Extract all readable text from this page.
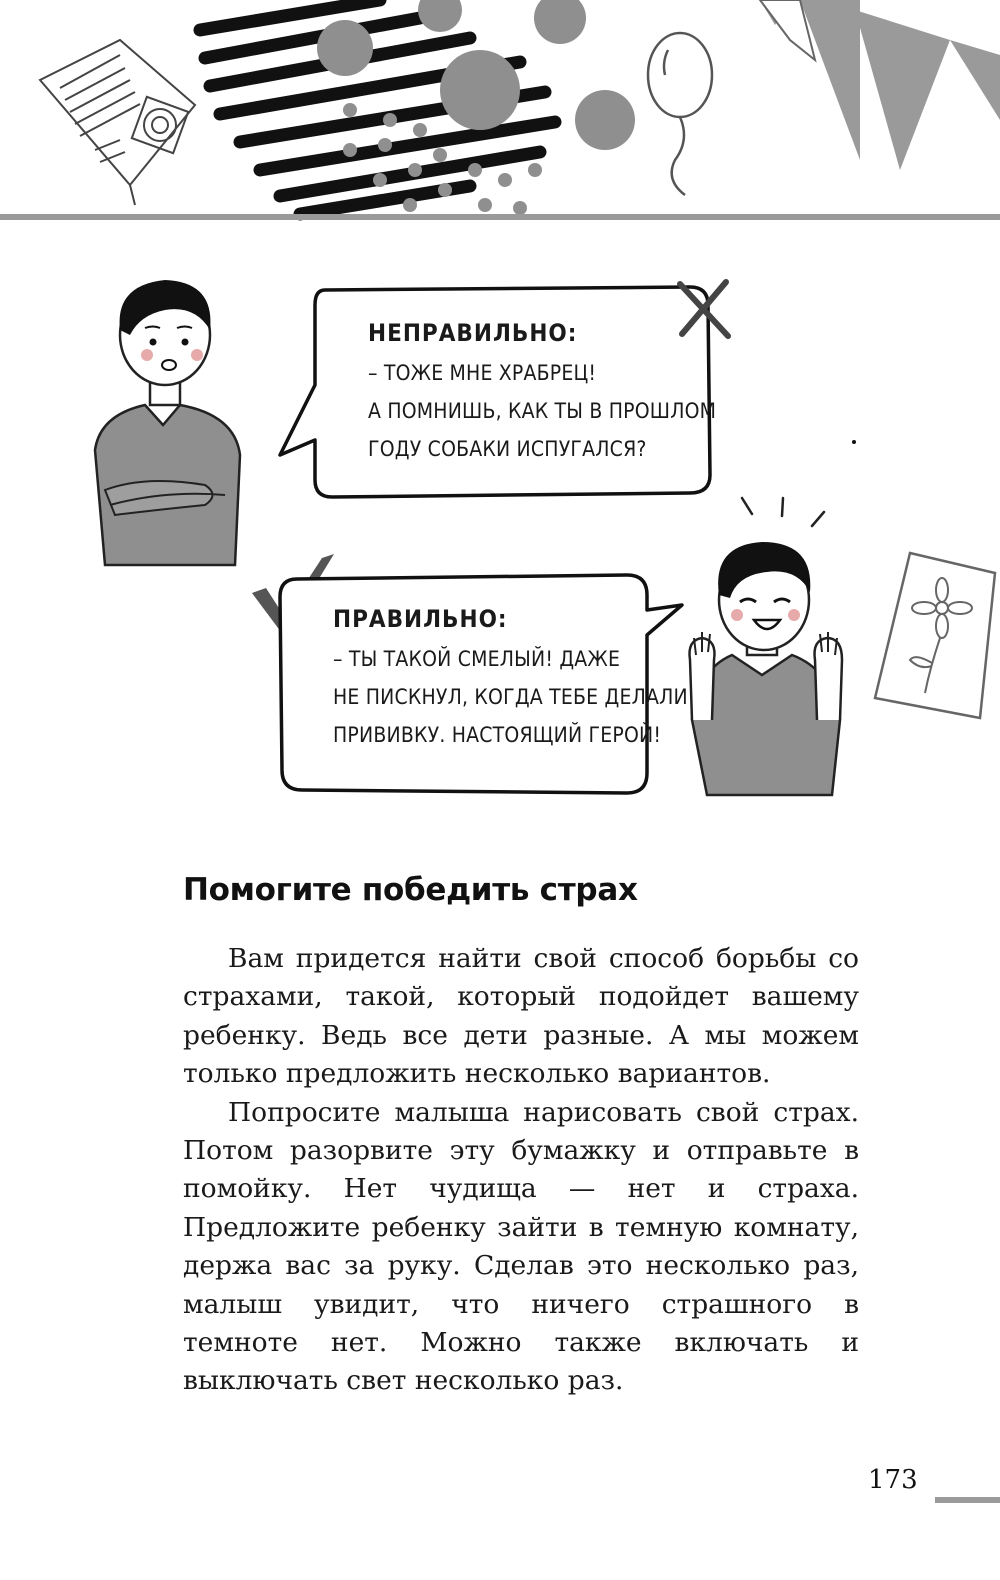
НЕПРАВИЛЬНО:
– ТОЖЕ МНЕ ХРАБРЕЦ!
А ПОМНИШЬ, КАК ТЫ В ПРОШЛОМ
ГОДУ СОБАКИ ИСПУГАЛСЯ?
ПРАВИЛЬНО:
– ТЫ ТАКОЙ СМЕЛЫЙ! ДАЖЕ
НЕ ПИСКНУЛ, КОГДА ТЕБЕ ДЕЛАЛИ
ПРИВИВКУ. НАСТОЯЩИЙ ГЕРОЙ!
Помогите победить страх

Вам придется найти свой способ борьбы со страхами, такой, который подойдет вашему ребенку. Ведь все дети разные. А мы можем только предложить несколько вариантов.

Попросите малыша нарисовать свой страх. Потом разорвите эту бумажку и отправьте в помойку. Нет чудища — нет и страха. Предложите ребенку зайти в темную комнату, держа вас за руку. Сделав это несколько раз, малыш увидит, что ничего страшного в темноте нет. Можно также включать и выключать свет несколько раз.

173
